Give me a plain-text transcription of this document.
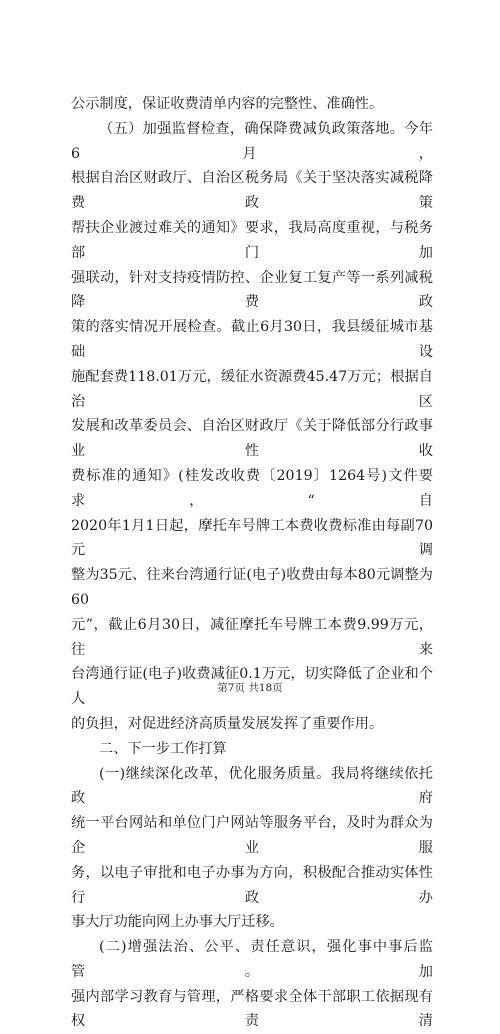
公示制度，保证收费清单内容的完整性、准确性。

（五）加强监督检查，确保降费减负政策落地。今年6月，

根据自治区财政厅、自治区税务局《关于坚决落实减税降费政策

帮扶企业渡过难关的通知》要求，我局高度重视，与税务部门加

强联动，针对支持疫情防控、企业复工复产等一系列减税降费政

策的落实情况开展检查。截止6月30日，我县缓征城市基础设

施配套费118.01万元，缓征水资源费45.47万元；根据自治区

发展和改革委员会、自治区财政厅《关于降低部分行政事业性收

费标准的通知》(桂发改收费〔2019〕1264号)文件要求，“自

2020年1月1日起，摩托车号牌工本费收费标准由每副70元调

整为35元、往来台湾通行证(电子)收费由每本80元调整为60

元”，截止6月30日，减征摩托车号牌工本费9.99万元，往来

台湾通行证(电子)收费减征0.1万元，切实降低了企业和个人

的负担，对促进经济高质量发展发挥了重要作用。

二、下一步工作打算

(一)继续深化改革，优化服务质量。我局将继续依托政府

统一平台网站和单位门户网站等服务平台，及时为群众为企业服

务，以电子审批和电子办事为方向，积极配合推动实体性行政办

事大厅功能向网上办事大厅迁移。

(二)增强法治、公平、责任意识，强化事中事后监管。加

强内部学习教育与管理，严格要求全体干部职工依据现有权责清

第7页 共18页
